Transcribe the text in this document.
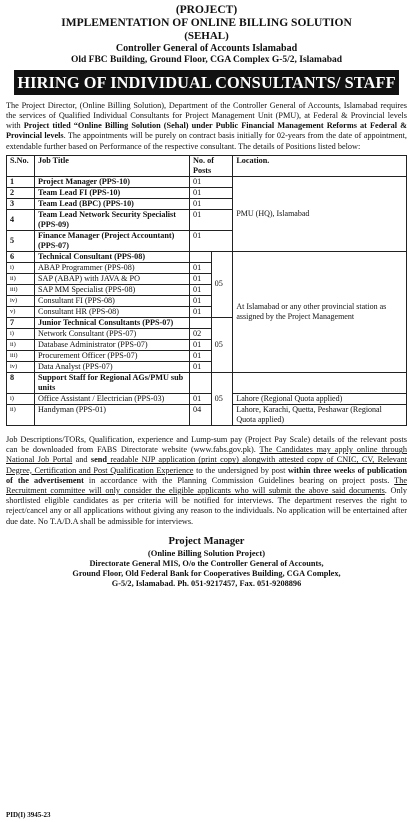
(PROJECT)
IMPLEMENTATION OF ONLINE BILLING SOLUTION
(SEHAL)
Controller General of Accounts Islamabad
Old FBC Building, Ground Floor, CGA Complex G-5/2, Islamabad
HIRING OF INDIVIDUAL CONSULTANTS/ STAFF

The Project Director, (Online Billing Solution), Department of the Controller General of Accounts, Islamabad requires the services of Qualified Individual Consultants for Project Management Unit (PMU), at Federal & Provincial levels with Project titled “Online Billing Solution (Sehal) under Public Financial Management Reforms at Federal & Provincial levels. The appointments will be purely on contract basis initially for 02-years from the date of appointment, extendable further based on Performance of the respective consultant. The details of Positions listed below:

S.No.	Job Title	No. of Posts		Location.
1	Project Manager (PPS-10)	01		PMU (HQ), Islamabad
2	Team Lead FI (PPS-10)	01		
3	Team Lead (BPC) (PPS-10)	01		
4	Team Lead Network Security Specialist (PPS-09)	01		
5	Finance Manager (Project Accountant) (PPS-07)	01		
6	Technical Consultant (PPS-08)		05	At Islamabad or any other provincial station as assigned by the Project Management
i)	ABAP Programmer (PPS-08)	01		
ii)	SAP (ABAP) with JAVA & PO	01		
iii)	SAP MM Specialist (PPS-08)	01		
iv)	Consultant FI (PPS-08)	01		
v)	Consultant HR (PPS-08)	01		
7	Junior Technical Consultants (PPS-07)		05	
i)	Network Consultant (PPS-07)	02		
ii)	Database Administrator (PPS-07)	01		
iii)	Procurement Officer (PPS-07)	01		
iv)	Data Analyst (PPS-07)	01		
8	Support Staff for Regional AGs/PMU sub units		05	
i)	Office Assistant / Electrician (PPS-03)	01		Lahore (Regional Quota applied)
ii)	Handyman (PPS-01)	04		Lahore, Karachi, Quetta, Peshawar (Regional Quota applied)

Job Descriptions/TORs, Qualification, experience and Lump-sum pay (Project Pay Scale) details of the relevant posts can be downloaded from FABS Directorate website (www.fabs.gov.pk). The Candidates may apply online through National Job Portal and send readable NJP application (print copy) alongwith attested copy of CNIC, CV, Relevant Degree, Certification and Post Qualification Experience to the undersigned by post within three weeks of publication of the advertisement in accordance with the Planning Commission Guidelines bearing on project posts. The Recruitment committee will only consider the eligible applicants who will submit the above said documents. Only shortlisted eligible candidates as per criteria will be notified for interviews. The department reserves the right to reject/cancel any or all applications without giving any reason to the individuals. No application will be entertained after due date. No T.A/D.A shall be admissible for interviews.

Project Manager
(Online Billing Solution Project)
Directorate General MIS, O/o the Controller General of Accounts,
Ground Floor, Old Federal Bank for Cooperatives Building, CGA Complex,
G-5/2, Islamabad. Ph. 051-9217457, Fax. 051-9208896
PID(I) 3945-23
